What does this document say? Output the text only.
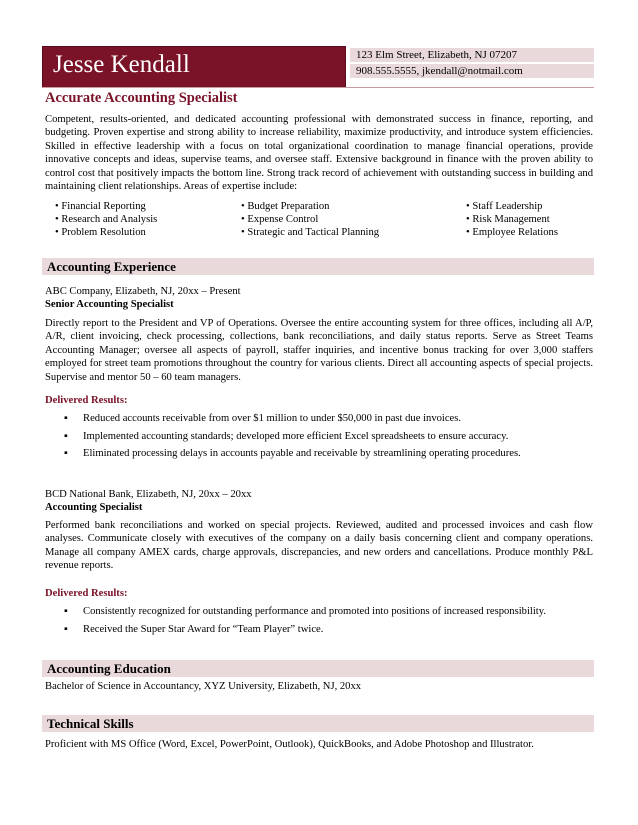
Jesse Kendall	123 Elm Street, Elizabeth, NJ 07207
908.555.5555, jkendall@notmail.com
Accurate Accounting Specialist
Competent, results-oriented, and dedicated accounting professional with demonstrated success in finance, reporting, and budgeting. Proven expertise and strong ability to increase reliability, maximize productivity, and introduce system efficiencies. Skilled in effective leadership with a focus on total organizational coordination to manage financial operations, provide innovative concepts and ideas, supervise teams, and oversee staff. Extensive background in finance with the proven ability to control cost that positively impacts the bottom line. Strong track record of achievement with outstanding success in building and maintaining client relationships. Areas of expertise include:
• Financial Reporting
• Research and Analysis
• Problem Resolution
• Budget Preparation
• Expense Control
• Strategic and Tactical Planning
• Staff Leadership
• Risk Management
• Employee Relations
Accounting Experience
ABC Company, Elizabeth, NJ, 20xx – Present
Senior Accounting Specialist
Directly report to the President and VP of Operations. Oversee the entire accounting system for three offices, including all A/P, A/R, client invoicing, check processing, collections, bank reconciliations, and daily status reports. Serve as Street Teams Accounting Manager; oversee all aspects of payroll, staffer inquiries, and incentive bonus tracking for over 3,000 staffers employed for street team promotions throughout the country for various clients. Direct all accounting aspects of special projects. Supervise and mentor 50 – 60 team managers.
Delivered Results:
▪ Reduced accounts receivable from over $1 million to under $50,000 in past due invoices.
▪ Implemented accounting standards; developed more efficient Excel spreadsheets to ensure accuracy.
▪ Eliminated processing delays in accounts payable and receivable by streamlining operating procedures.
BCD National Bank, Elizabeth, NJ, 20xx – 20xx
Accounting Specialist
Performed bank reconciliations and worked on special projects. Reviewed, audited and processed invoices and cash flow analyses. Communicate closely with executives of the company on a daily basis concerning client and company operations. Manage all company AMEX cards, charge approvals, discrepancies, and new orders and cancellations. Produce monthly P&L revenue reports.
Delivered Results:
▪ Consistently recognized for outstanding performance and promoted into positions of increased responsibility.
▪ Received the Super Star Award for “Team Player” twice.
Accounting Education
Bachelor of Science in Accountancy, XYZ University, Elizabeth, NJ, 20xx
Technical Skills
Proficient with MS Office (Word, Excel, PowerPoint, Outlook), QuickBooks, and Adobe Photoshop and Illustrator.
